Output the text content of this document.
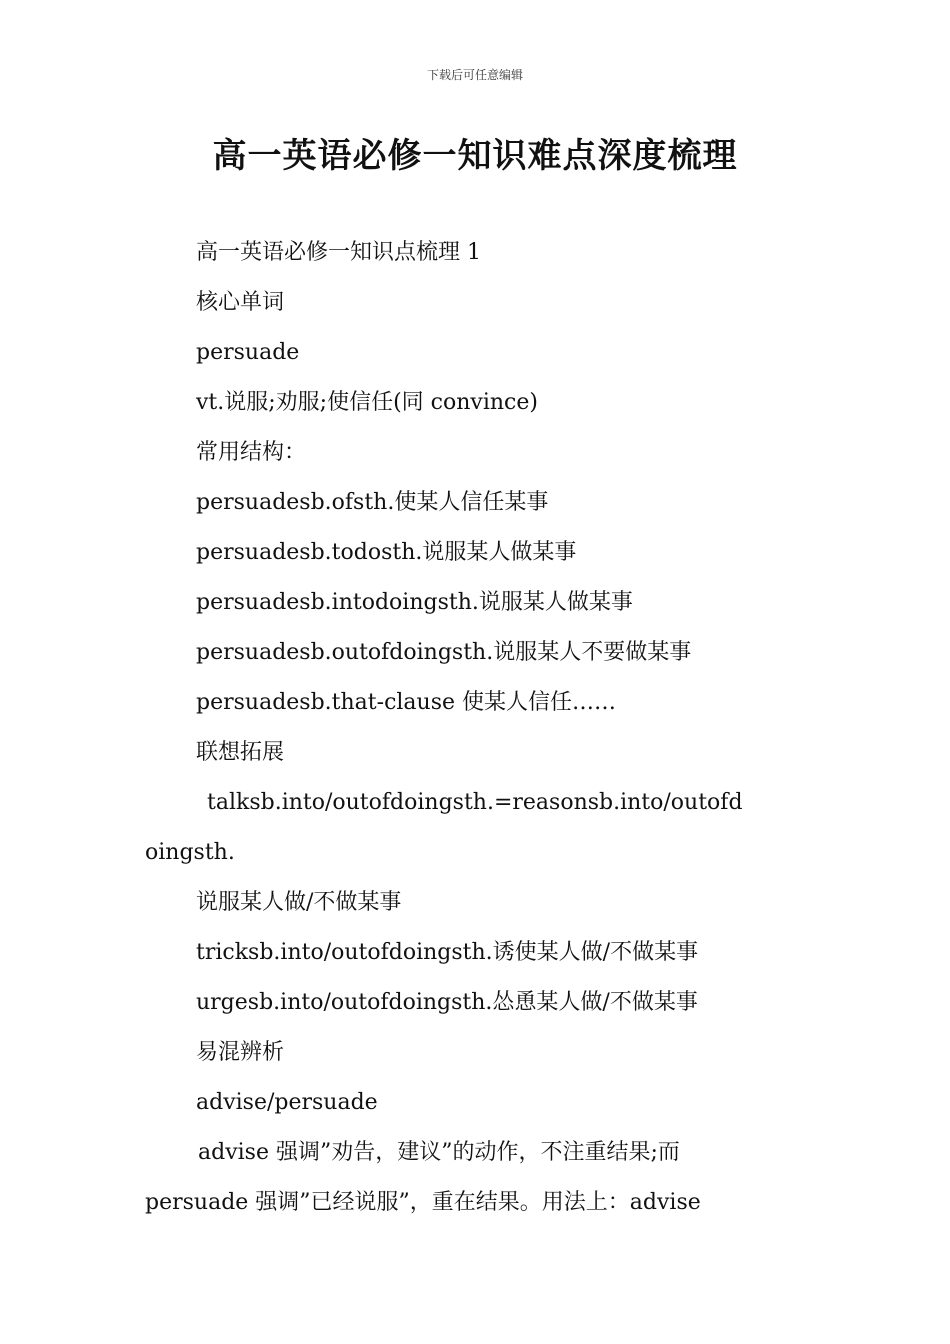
下载后可任意编辑
高一英语必修一知识难点深度梳理
高一英语必修一知识点梳理 1
核心单词
persuade
vt.说服;劝服;使信任(同 convince)
常用结构：
persuadesb.ofsth.使某人信任某事
persuadesb.todosth.说服某人做某事
persuadesb.intodoingsth.说服某人做某事
persuadesb.outofdoingsth.说服某人不要做某事
persuadesb.that-clause 使某人信任……
联想拓展
talksb.into/outofdoingsth.=reasonsb.into/outofd
oingsth.
说服某人做/不做某事
tricksb.into/outofdoingsth.诱使某人做/不做某事
urgesb.into/outofdoingsth.怂恿某人做/不做某事
易混辨析
advise/persuade
advise 强调”劝告，建议”的动作，不注重结果;而
persuade 强调”已经说服”，重在结果。用法上：advise
